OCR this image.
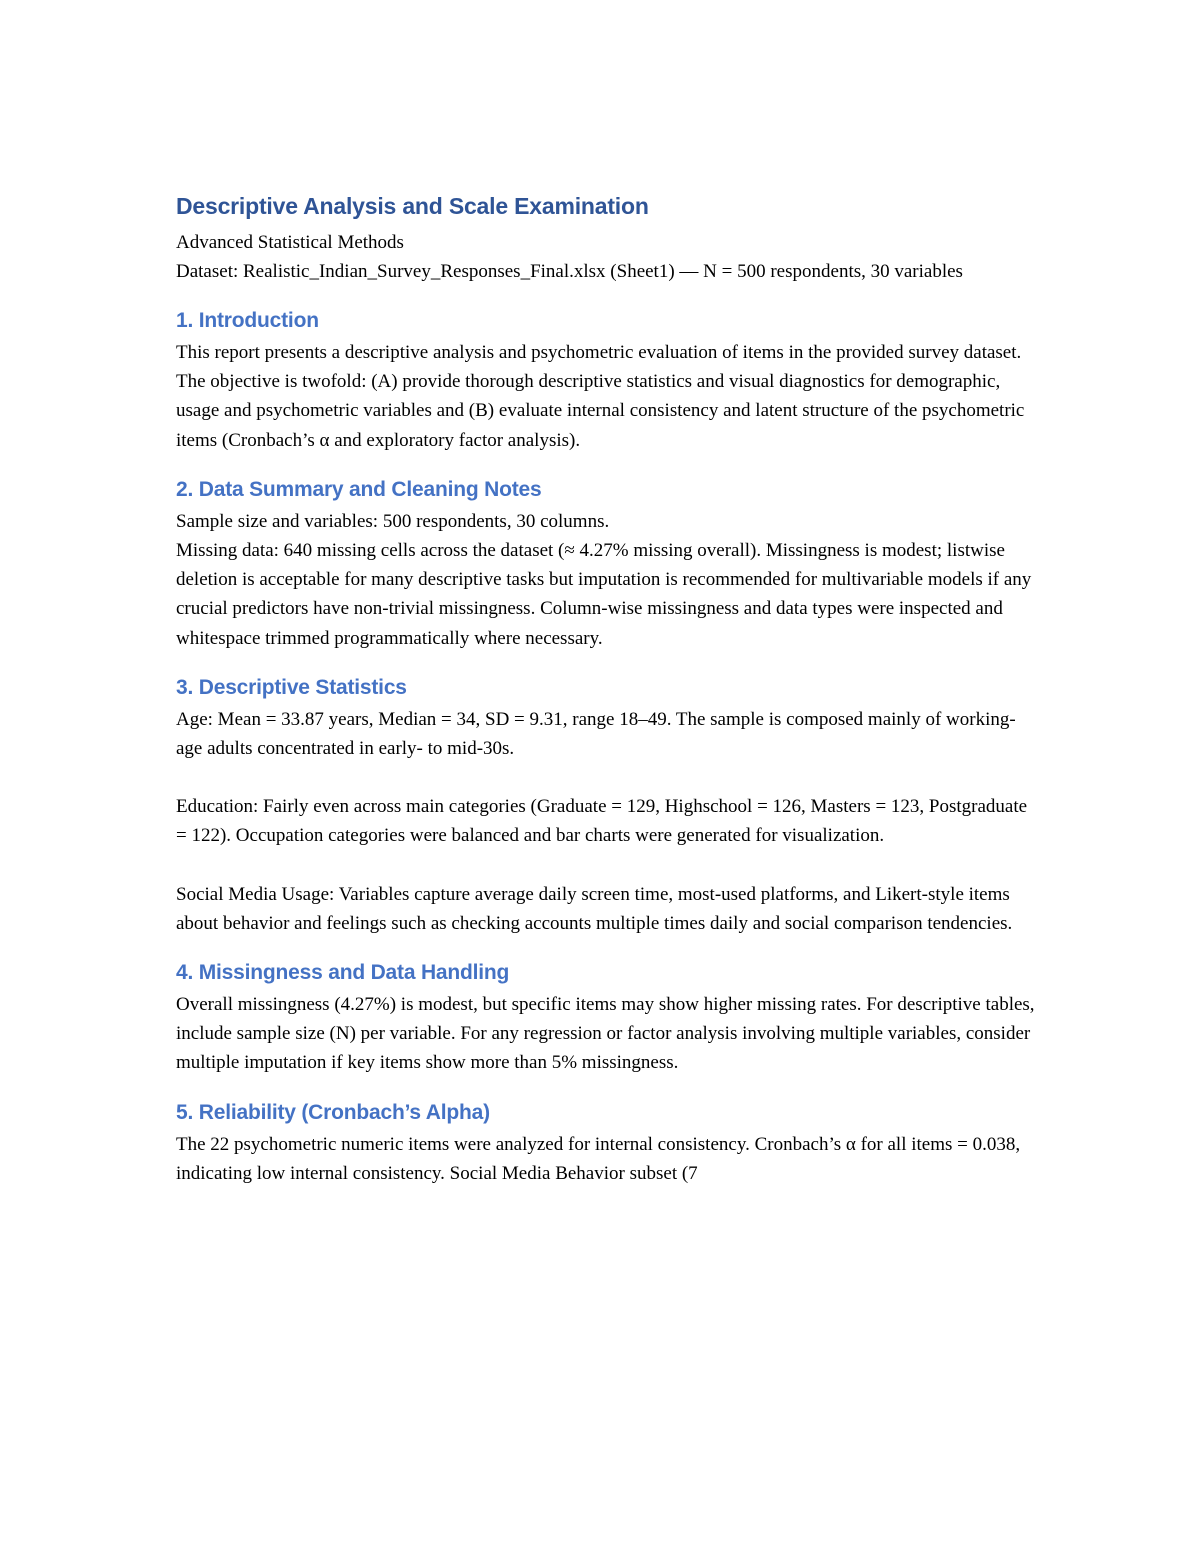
Descriptive Analysis and Scale Examination

Advanced Statistical Methods

Dataset: Realistic_Indian_Survey_Responses_Final.xlsx (Sheet1) — N = 500 respondents, 30 variables

1. Introduction

This report presents a descriptive analysis and psychometric evaluation of items in the provided survey dataset. The objective is twofold: (A) provide thorough descriptive statistics and visual diagnostics for demographic, usage and psychometric variables and (B) evaluate internal consistency and latent structure of the psychometric items (Cronbach’s α and exploratory factor analysis).

2. Data Summary and Cleaning Notes

Sample size and variables: 500 respondents, 30 columns.

Missing data: 640 missing cells across the dataset (≈ 4.27% missing overall). Missingness is modest; listwise deletion is acceptable for many descriptive tasks but imputation is recommended for multivariable models if any crucial predictors have non-trivial missingness. Column-wise missingness and data types were inspected and whitespace trimmed programmatically where necessary.

3. Descriptive Statistics

Age: Mean = 33.87 years, Median = 34, SD = 9.31, range 18–49. The sample is composed mainly of working-age adults concentrated in early- to mid-30s.

Education: Fairly even across main categories (Graduate = 129, Highschool = 126, Masters = 123, Postgraduate = 122). Occupation categories were balanced and bar charts were generated for visualization.

Social Media Usage: Variables capture average daily screen time, most-used platforms, and Likert-style items about behavior and feelings such as checking accounts multiple times daily and social comparison tendencies.

4. Missingness and Data Handling

Overall missingness (4.27%) is modest, but specific items may show higher missing rates. For descriptive tables, include sample size (N) per variable. For any regression or factor analysis involving multiple variables, consider multiple imputation if key items show more than 5% missingness.

5. Reliability (Cronbach’s Alpha)

The 22 psychometric numeric items were analyzed for internal consistency. Cronbach’s α for all items = 0.038, indicating low internal consistency. Social Media Behavior subset (7
